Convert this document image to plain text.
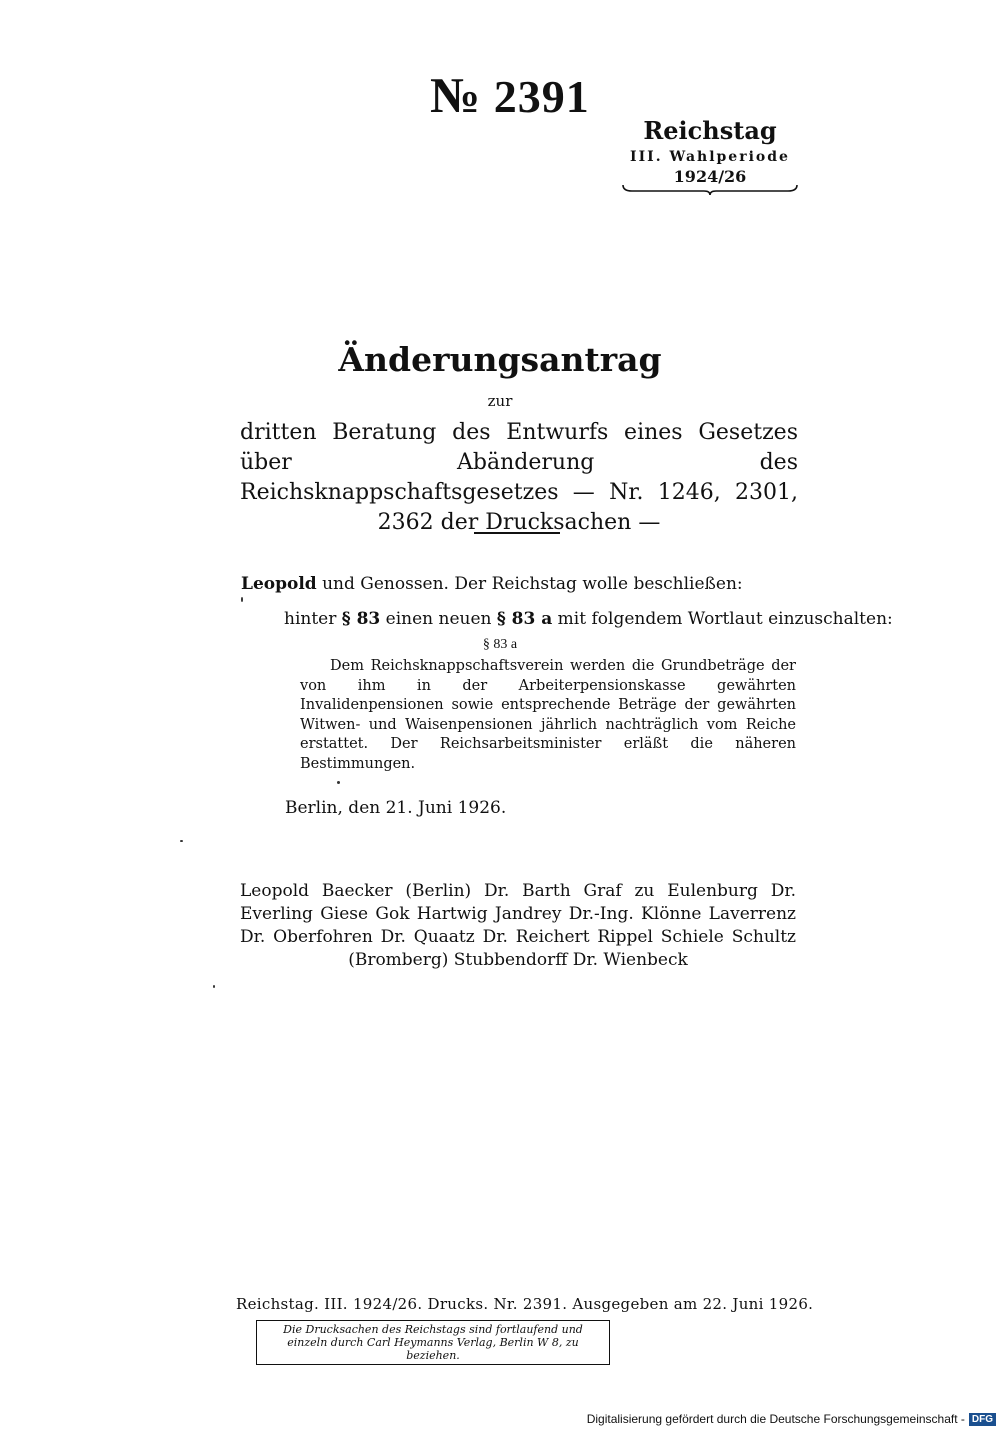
№ 2391
Reichstag
III. Wahlperiode
1924/26
Änderungsantrag
zur
dritten Beratung des Entwurfs eines Gesetzes über Abänderung des Reichsknappschaftsgesetzes — Nr. 1246, 2301, 2362 der Drucksachen —
Leopold und Genossen. Der Reichstag wolle beschließen:
hinter § 83 einen neuen § 83 a mit folgendem Wortlaut einzuschalten:
§ 83 a
Dem Reichsknappschaftsverein werden die Grundbeträge der von ihm in der Arbeiterpensionskasse gewährten Invalidenpensionen sowie entsprechende Beträge der gewährten Witwen- und Waisenpensionen jährlich nachträglich vom Reiche erstattet. Der Reichsarbeitsminister erläßt die näheren Bestimmungen.
Berlin, den 21. Juni 1926.
Leopold Baecker (Berlin) Dr. Barth Graf zu Eulenburg Dr. Everling Giese Gok Hartwig Jandrey Dr.-Ing. Klönne Laverrenz Dr. Oberfohren Dr. Quaatz Dr. Reichert Rippel Schiele Schultz (Bromberg) Stubbendorff Dr. Wienbeck
Reichstag. III. 1924/26. Drucks. Nr. 2391. Ausgegeben am 22. Juni 1926.
Die Drucksachen des Reichstags sind fortlaufend und einzeln durch Carl Heymanns Verlag, Berlin W 8, zu beziehen.
Digitalisierung gefördert durch die Deutsche Forschungsgemeinschaft - DFG
